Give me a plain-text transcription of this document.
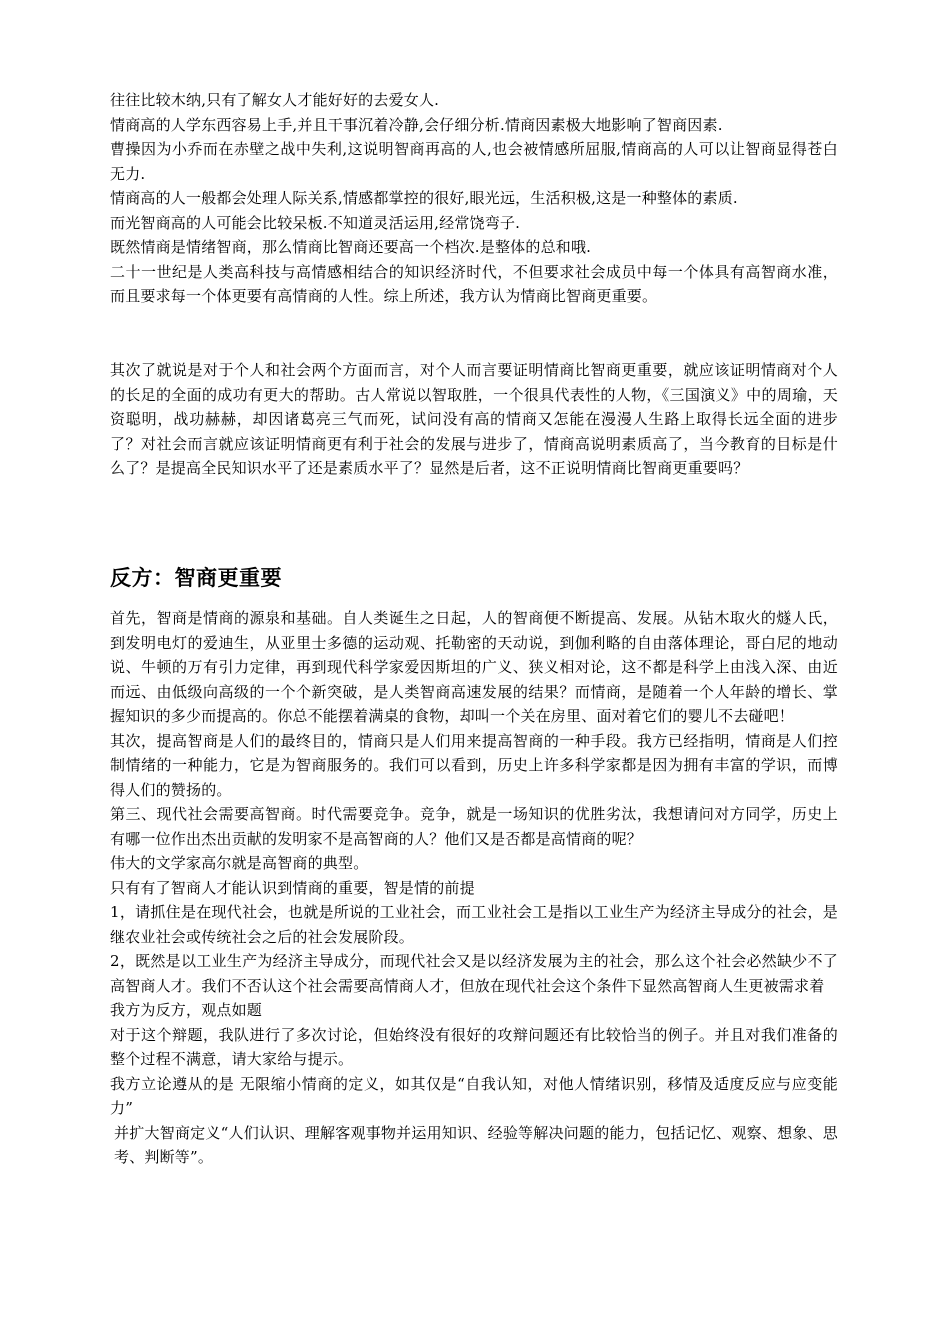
往往比较木纳,只有了解女人才能好好的去爱女人.

情商高的人学东西容易上手,并且干事沉着冷静,会仔细分析.情商因素极大地影响了智商因素.

曹操因为小乔而在赤壁之战中失利,这说明智商再高的人,也会被情感所屈服,情商高的人可以让智商显得苍白无力.

情商高的人一般都会处理人际关系,情感都掌控的很好,眼光远，生活积极,这是一种整体的素质.

而光智商高的人可能会比较呆板.不知道灵活运用,经常饶弯子.

既然情商是情绪智商，那么情商比智商还要高一个档次.是整体的总和哦.

二十一世纪是人类高科技与高情感相结合的知识经济时代，不但要求社会成员中每一个体具有高智商水准，而且要求每一个体更要有高情商的人性。综上所述，我方认为情商比智商更重要。

其次了就说是对于个人和社会两个方面而言，对个人而言要证明情商比智商更重要，就应该证明情商对个人的长足的全面的成功有更大的帮助。古人常说以智取胜，一个很具代表性的人物，《三国演义》中的周瑜，天资聪明，战功赫赫，却因诸葛亮三气而死，试问没有高的情商又怎能在漫漫人生路上取得长远全面的进步了？对社会而言就应该证明情商更有利于社会的发展与进步了，情商高说明素质高了，当今教育的目标是什么了？是提高全民知识水平了还是素质水平了？显然是后者，这不正说明情商比智商更重要吗？

反方：智商更重要

首先，智商是情商的源泉和基础。自人类诞生之日起，人的智商便不断提高、发展。从钻木取火的燧人氏，到发明电灯的爱迪生，从亚里士多德的运动观、托勒密的天动说，到伽利略的自由落体理论，哥白尼的地动说、牛顿的万有引力定律，再到现代科学家爱因斯坦的广义、狭义相对论，这不都是科学上由浅入深、由近而远、由低级向高级的一个个新突破，是人类智商高速发展的结果？而情商，是随着一个人年龄的增长、掌握知识的多少而提高的。你总不能摆着满桌的食物，却叫一个关在房里、面对着它们的婴儿不去碰吧！

其次，提高智商是人们的最终目的，情商只是人们用来提高智商的一种手段。我方已经指明，情商是人们控制情绪的一种能力，它是为智商服务的。我们可以看到，历史上许多科学家都是因为拥有丰富的学识，而博得人们的赞扬的。

第三、现代社会需要高智商。时代需要竞争。竞争，就是一场知识的优胜劣汰，我想请问对方同学，历史上有哪一位作出杰出贡献的发明家不是高智商的人？他们又是否都是高情商的呢？

伟大的文学家高尔就是高智商的典型。

只有有了智商人才能认识到情商的重要，智是情的前提

1，请抓住是在现代社会，也就是所说的工业社会，而工业社会工是指以工业生产为经济主导成分的社会，是继农业社会或传统社会之后的社会发展阶段。

2，既然是以工业生产为经济主导成分，而现代社会又是以经济发展为主的社会，那么这个社会必然缺少不了高智商人才。我们不否认这个社会需要高情商人才，但放在现代社会这个条件下显然高智商人生更被需求着

我方为反方，观点如题

对于这个辩题，我队进行了多次讨论，但始终没有很好的攻辩问题还有比较恰当的例子。并且对我们准备的整个过程不满意，请大家给与提示。

我方立论遵从的是 无限缩小情商的定义，如其仅是“自我认知，对他人情绪识别，移情及适度反应与应变能力”

并扩大智商定义“人们认识、理解客观事物并运用知识、经验等解决问题的能力，包括记忆、观察、想象、思考、判断等”。
